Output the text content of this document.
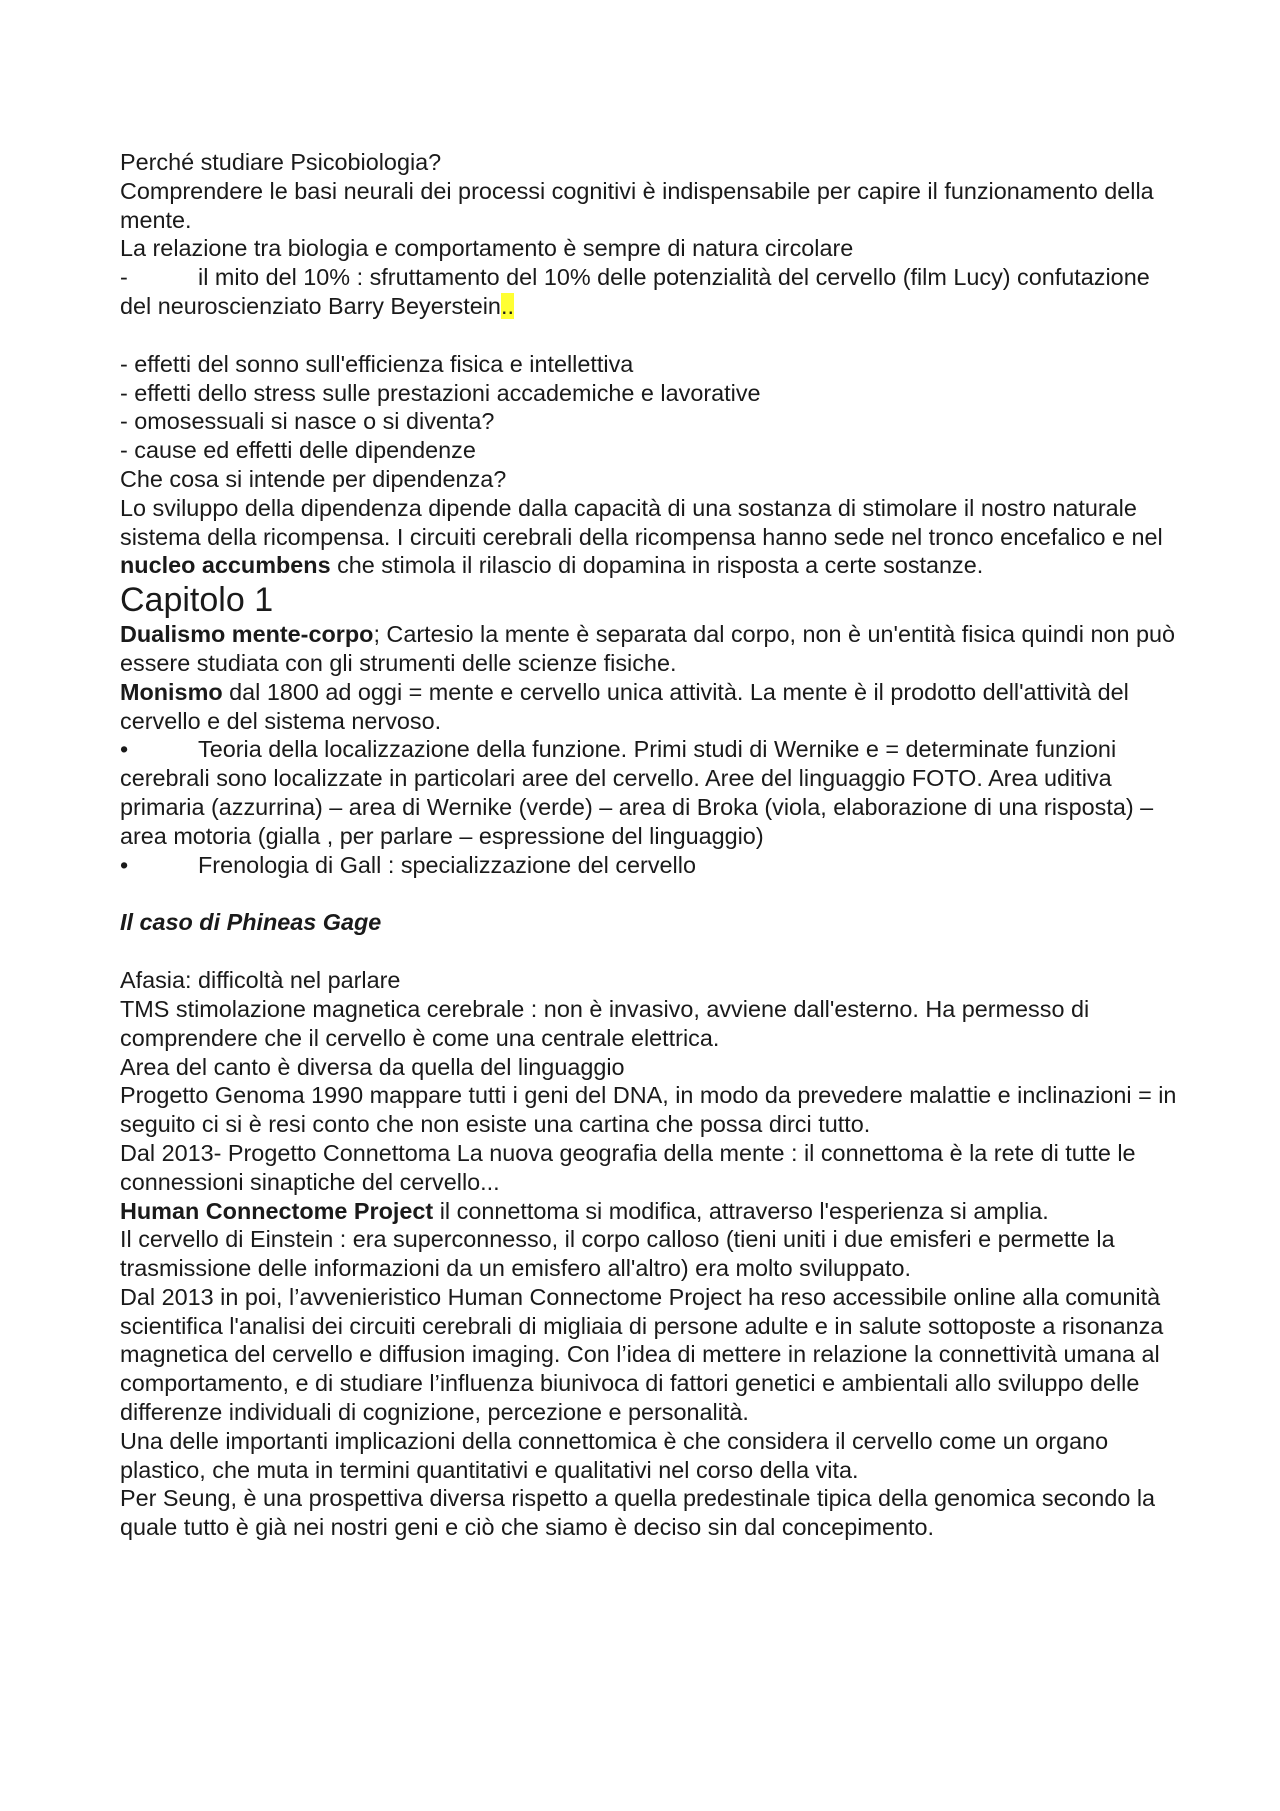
Perché studiare Psicobiologia?

Comprendere le basi neurali dei processi cognitivi è indispensabile per capire il funzionamento della mente.

La relazione tra biologia e comportamento è sempre di natura circolare

-	il mito del 10% : sfruttamento del 10% delle potenzialità del cervello (film Lucy) confutazione del neuroscienziato Barry Beyerstein..

- effetti del sonno sull'efficienza fisica e intellettiva

- effetti dello stress sulle prestazioni accademiche e lavorative

- omosessuali si nasce o si diventa?

- cause ed effetti delle dipendenze

Che cosa si intende per dipendenza?

Lo sviluppo della dipendenza dipende dalla capacità di una sostanza di stimolare il nostro naturale sistema della ricompensa. I circuiti cerebrali della ricompensa hanno sede nel tronco encefalico e nel nucleo accumbens che stimola il rilascio di dopamina in risposta a certe sostanze.

Capitolo 1

Dualismo mente-corpo; Cartesio la mente è separata dal corpo, non è un'entità fisica quindi non può essere studiata con gli strumenti delle scienze fisiche.

Monismo dal 1800 ad oggi = mente e cervello unica attività. La mente è il prodotto dell'attività del cervello e del sistema nervoso.

•	Teoria della localizzazione della funzione. Primi studi di Wernike e = determinate funzioni cerebrali sono localizzate in particolari aree del cervello. Aree del linguaggio FOTO. Area uditiva primaria (azzurrina) – area di Wernike (verde) – area di Broka (viola, elaborazione di una risposta) – area motoria (gialla , per parlare – espressione del linguaggio)

•	Frenologia di Gall : specializzazione del cervello

Il caso di Phineas Gage

Afasia: difficoltà nel parlare

TMS stimolazione magnetica cerebrale : non è invasivo, avviene dall'esterno. Ha permesso di comprendere che il cervello è come una centrale elettrica.

Area del canto è diversa da quella del linguaggio

Progetto Genoma 1990 mappare tutti i geni del DNA, in modo da prevedere malattie e inclinazioni = in seguito ci si è resi conto che non esiste una cartina che possa dirci tutto.

Dal 2013- Progetto Connettoma La nuova geografia della mente : il connettoma è la rete di tutte le connessioni sinaptiche del cervello...

Human Connectome Project il connettoma si modifica, attraverso l'esperienza si amplia.

Il cervello di Einstein : era superconnesso, il corpo calloso (tieni uniti i due emisferi e permette la trasmissione delle informazioni da un emisfero all'altro) era molto sviluppato.

Dal 2013 in poi, l’avvenieristico Human Connectome Project ha reso accessibile online alla comunità scientifica l'analisi dei circuiti cerebrali di migliaia di persone adulte e in salute sottoposte a risonanza magnetica del cervello e diffusion imaging. Con l’idea di mettere in relazione la connettività umana al comportamento, e di studiare l’influenza biunivoca di fattori genetici e ambientali allo sviluppo delle differenze individuali di cognizione, percezione e personalità.

Una delle importanti implicazioni della connettomica è che considera il cervello come un organo plastico, che muta in termini quantitativi e qualitativi nel corso della vita.

Per Seung, è una prospettiva diversa rispetto a quella predestinale tipica della genomica secondo la quale tutto è già nei nostri geni e ciò che siamo è deciso sin dal concepimento.
